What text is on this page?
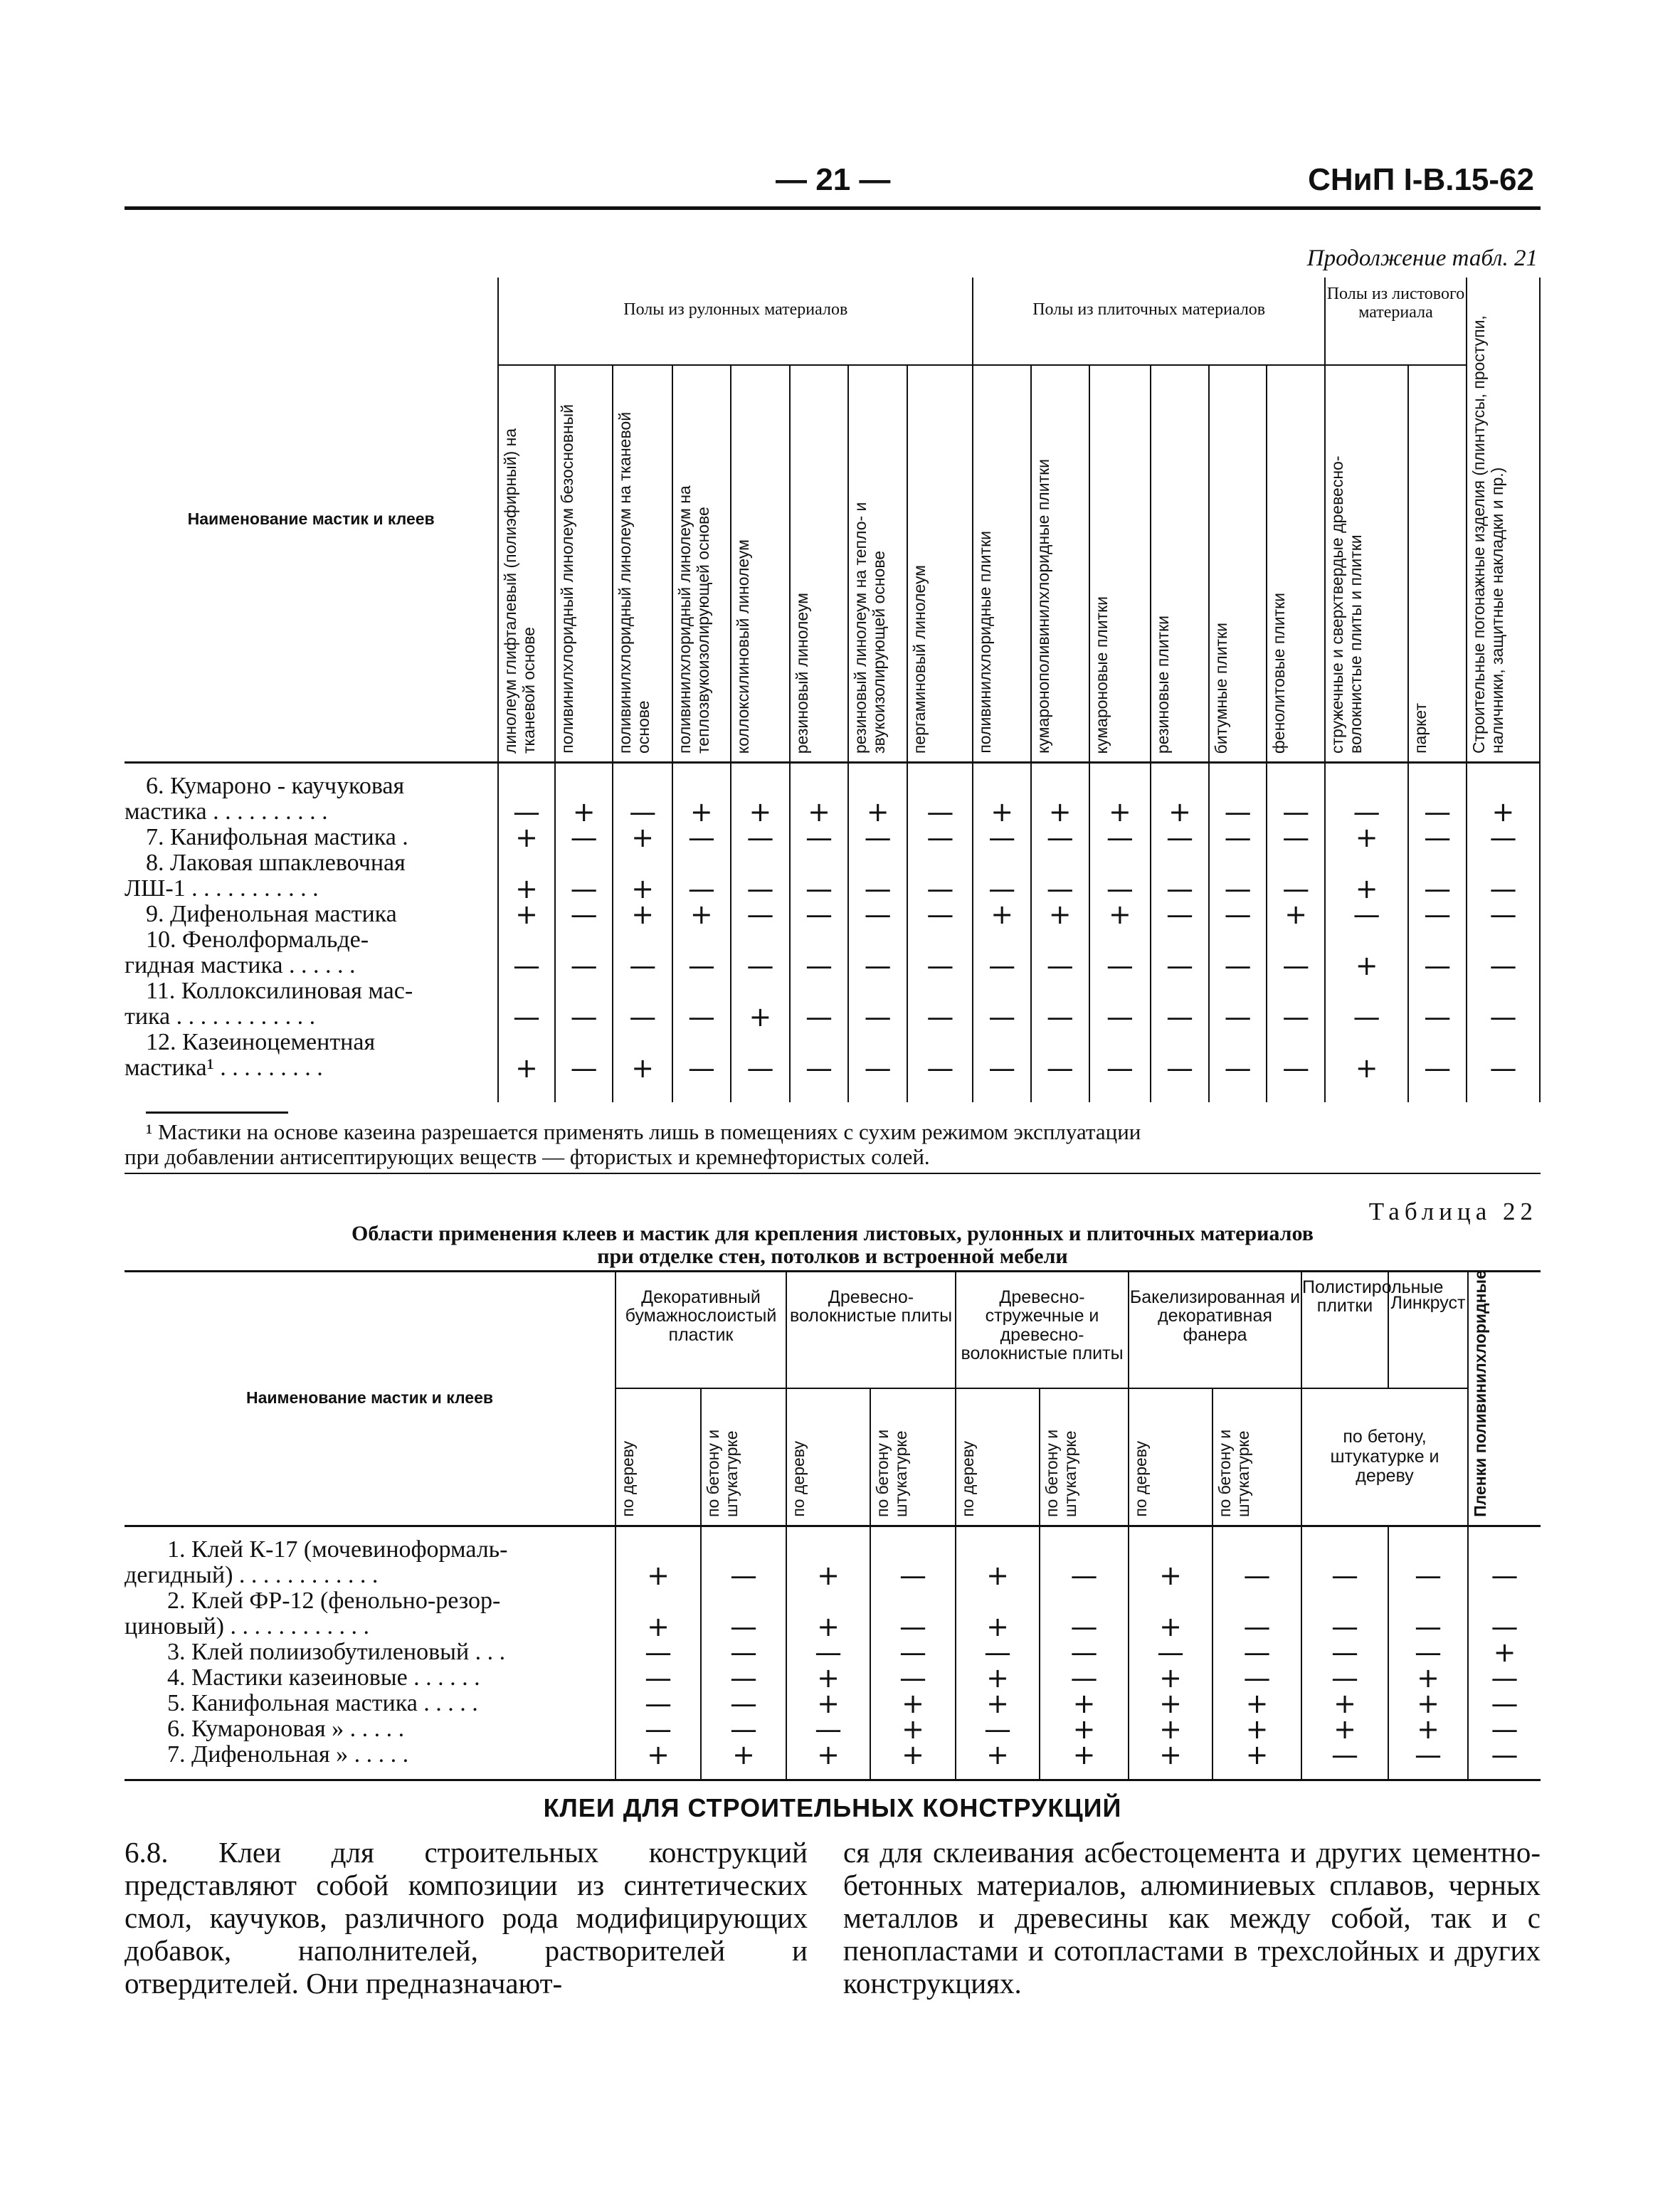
— 21 —	СНиП I-В.15-62
Продолжение табл. 21
Наименование мастик и клеев	Полы из рулонных материалов								Полы из плиточных материалов						Полы из листового материала		Строительные погонажные изделия (плинтусы, проступи, наличники, защитные накладки и пр.)
	линолеум глифталевый (полиэфирный) на тканевой основе	поливинилхлоридный линолеум безосновный	поливинилхлоридный линолеум на тканевой основе	поливинилхлоридный линолеум на теплозвукоизолирующей основе	коллоксилиновый линолеум	резиновый линолеум	резиновый линолеум на тепло- и звукоизолирующей основе	пергаминовый линолеум	поливинилхлоридные плитки	кумаронополивинилхлоридные плитки	кумароновые плитки	резиновые плитки	битумные плитки	фенолитовые плитки	стружечные и сверхтвердые древесно-волокнистые плиты и плитки	паркет	
6. Кумароно - каучуковая																	
мастика . . . . . . . . . .	—	+	—	+	+	+	+	—	+	+	+	+	—	—	—	—	+
7. Канифольная мастика .	+	—	+	—	—	—	—	—	—	—	—	—	—	—	+	—	—
8. Лаковая шпаклевочная																	
ЛШ-1 . . . . . . . . . . .	+	—	+	—	—	—	—	—	—	—	—	—	—	—	+	—	—
9. Дифенольная мастика	+	—	+	+	—	—	—	—	+	+	+	—	—	+	—	—	—
10. Фенолформальде-																	
гидная мастика . . . . . .	—	—	—	—	—	—	—	—	—	—	—	—	—	—	+	—	—
11. Коллоксилиновая мас-																	
тика . . . . . . . . . . . .	—	—	—	—	+	—	—	—	—	—	—	—	—	—	—	—	—
12. Казеиноцементная																	
мастика¹ . . . . . . . . .	+	—	+	—	—	—	—	—	—	—	—	—	—	—	+	—	—

¹ Мастики на основе казеина разрешается применять лишь в помещениях с сухим режимом эксплуатации
при добавлении антисептирующих веществ — фтористых и кремнефтористых солей.
Таблица 22
Области применения клеев и мастик для крепления листовых, рулонных и плиточных материалов
при отделке стен, потолков и встроенной мебели
Наименование мастик и клеев	Декоративный бумажнослоистый пластик		Древесно-волокнистые плиты		Древесно-стружечные и древесно-волокнистые плиты		Бакелизированная и декоративная фанера		Полистирольные плитки	Линкруст	Пленки поливинилхлоридные
	по дереву	по бетону и штукатурке	по дереву	по бетону и штукатурке	по дереву	по бетону и штукатурке	по дереву	по бетону и штукатурке	по бетону, штукатурке и дереву		
1. Клей К-17 (мочевиноформаль-											
дегидный) . . . . . . . . . . . .	+	—	+	—	+	—	+	—	—	—	—
2. Клей ФР-12 (фенольно-резор-											
циновый) . . . . . . . . . . . .	+	—	+	—	+	—	+	—	—	—	—
3. Клей полиизобутиленовый . . .	—	—	—	—	—	—	—	—	—	—	+
4. Мастики казеиновые . . . . . .	—	—	+	—	+	—	+	—	—	+	—
5. Канифольная мастика . . . . .	—	—	+	+	+	+	+	+	+	+	—
6. Кумароновая » . . . . .	—	—	—	+	—	+	+	+	+	+	—
7. Дифенольная » . . . . .	+	+	+	+	+	+	+	+	—	—	—

КЛЕИ ДЛЯ СТРОИТЕЛЬНЫХ КОНСТРУКЦИЙ

6.8. Клеи для строительных конструкций представляют собой композиции из синтетических смол, каучуков, различного рода модифицирующих добавок, наполнителей, растворителей и отвердителей. Они предназначают-

ся для склеивания асбестоцемента и других цементно-бетонных материалов, алюминиевых сплавов, черных металлов и древесины как между собой, так и с пенопластами и сотопластами в трехслойных и других конструкциях.
